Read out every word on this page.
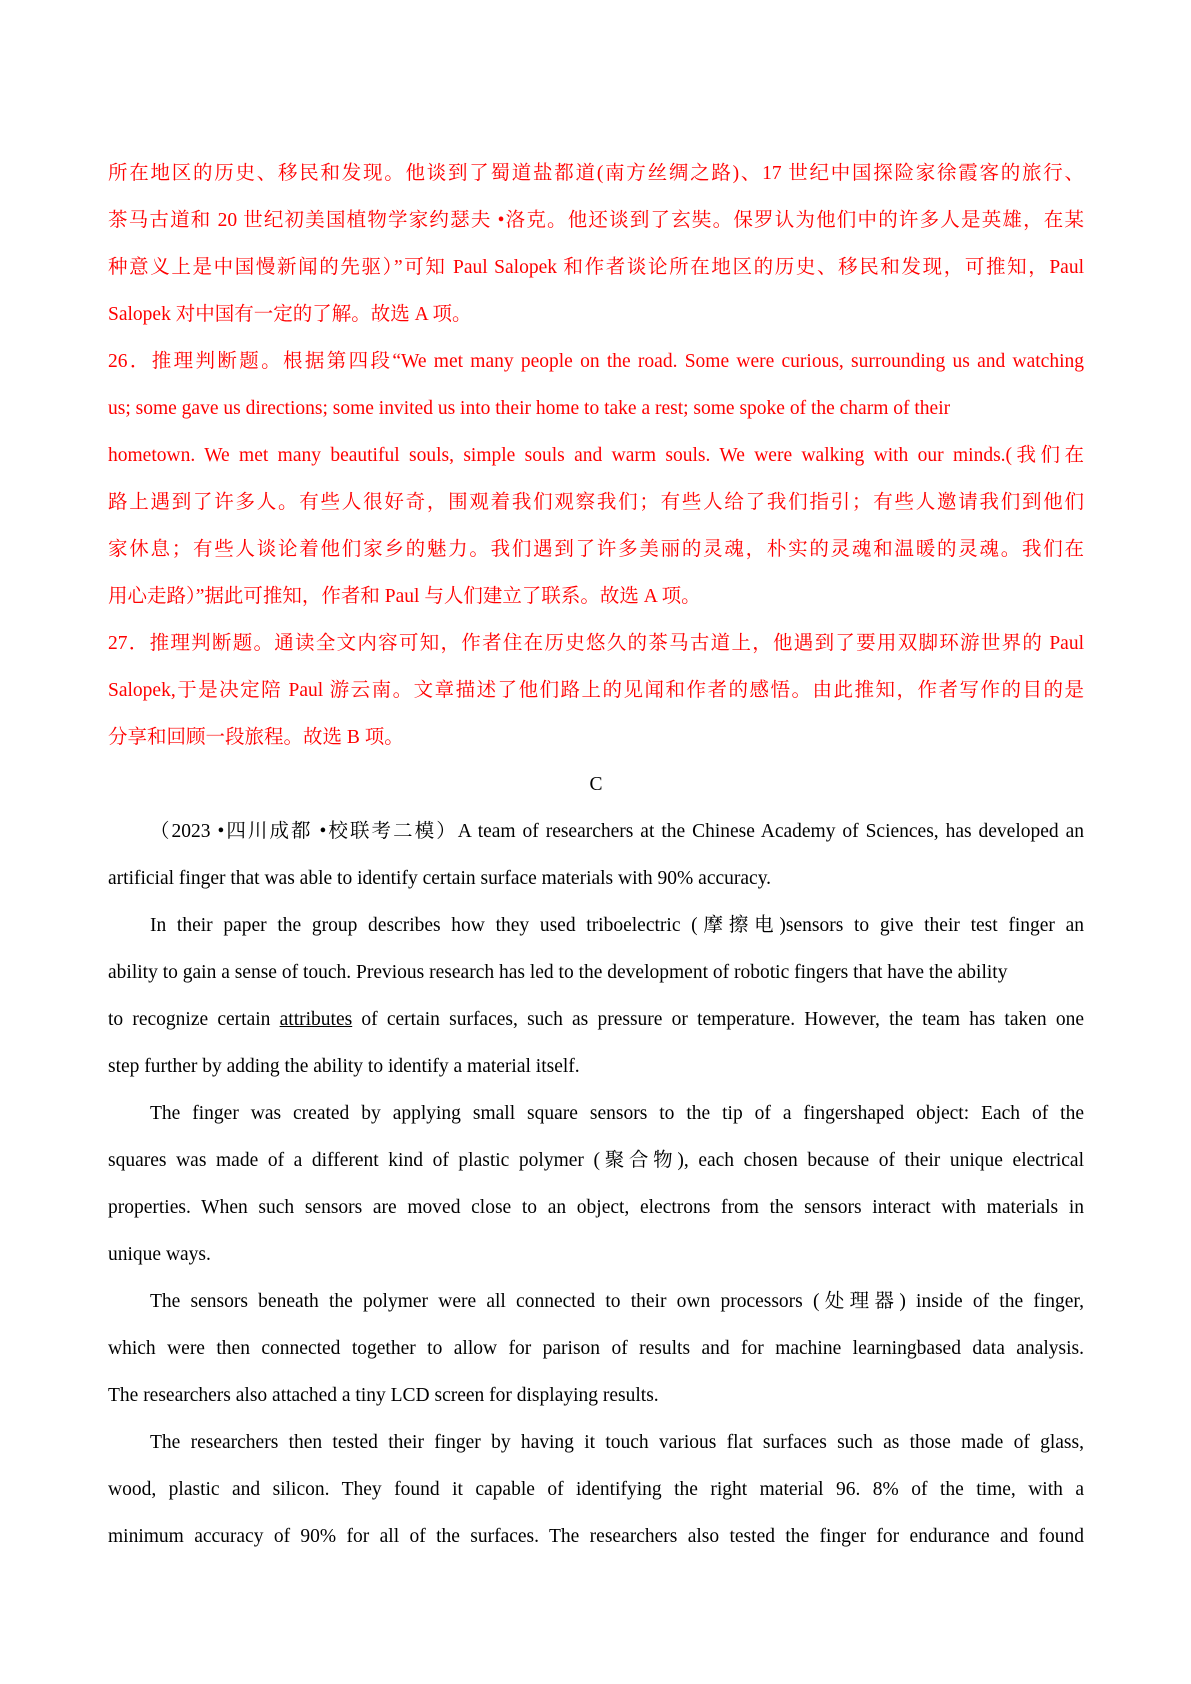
所在地区的历史、移民和发现。他谈到了蜀道盐都道(南方丝绸之路)、17 世纪中国探险家徐霞客的旅行、
茶马古道和 20 世纪初美国植物学家约瑟夫 •洛克。他还谈到了玄奘。保罗认为他们中的许多人是英雄，在某
种意义上是中国慢新闻的先驱）”可知 Paul Salopek 和作者谈论所在地区的历史、移民和发现，可推知，Paul
Salopek 对中国有一定的了解。故选 A 项。
26．推理判断题。根据第四段“We met many people on the road. Some were curious, surrounding us and watching
us; some gave us directions; some invited us into their home to take a rest; some spoke of the charm of their
hometown. We met many beautiful souls, simple souls and warm souls. We were walking with our minds.(我们在
路上遇到了许多人。有些人很好奇，围观着我们观察我们；有些人给了我们指引；有些人邀请我们到他们
家休息；有些人谈论着他们家乡的魅力。我们遇到了许多美丽的灵魂，朴实的灵魂和温暖的灵魂。我们在
用心走路）”据此可推知，作者和 Paul 与人们建立了联系。故选 A 项。
27．推理判断题。通读全文内容可知，作者住在历史悠久的茶马古道上，他遇到了要用双脚环游世界的 Paul
Salopek,于是决定陪 Paul 游云南。文章描述了他们路上的见闻和作者的感悟。由此推知，作者写作的目的是
分享和回顾一段旅程。故选 B 项。
C
（2023 •四川成都 •校联考二模）A team of researchers at the Chinese Academy of Sciences, has developed an
artificial finger that was able to identify certain surface materials with 90% accuracy.
In their paper the group describes how they used triboelectric (摩擦电)sensors to give their test finger an
ability to gain a sense of touch. Previous research has led to the development of robotic fingers that have the ability
to recognize certain attributes of certain surfaces, such as pressure or temperature. However, the team has taken one
step further by adding the ability to identify a material itself.
The finger was created by applying small square sensors to the tip of a fingershaped object: Each of the
squares was made of a different kind of plastic polymer (聚合物), each chosen because of their unique electrical
properties. When such sensors are moved close to an object, electrons from the sensors interact with materials in
unique ways.
The sensors beneath the polymer were all connected to their own processors (处理器) inside of the finger,
which were then connected together to allow for parison of results and for machine learningbased data analysis.
The researchers also attached a tiny LCD screen for displaying results.
The researchers then tested their finger by having it touch various flat surfaces such as those made of glass,
wood, plastic and silicon. They found it capable of identifying the right material 96. 8% of the time, with a
minimum accuracy of 90% for all of the surfaces. The researchers also tested the finger for endurance and found
